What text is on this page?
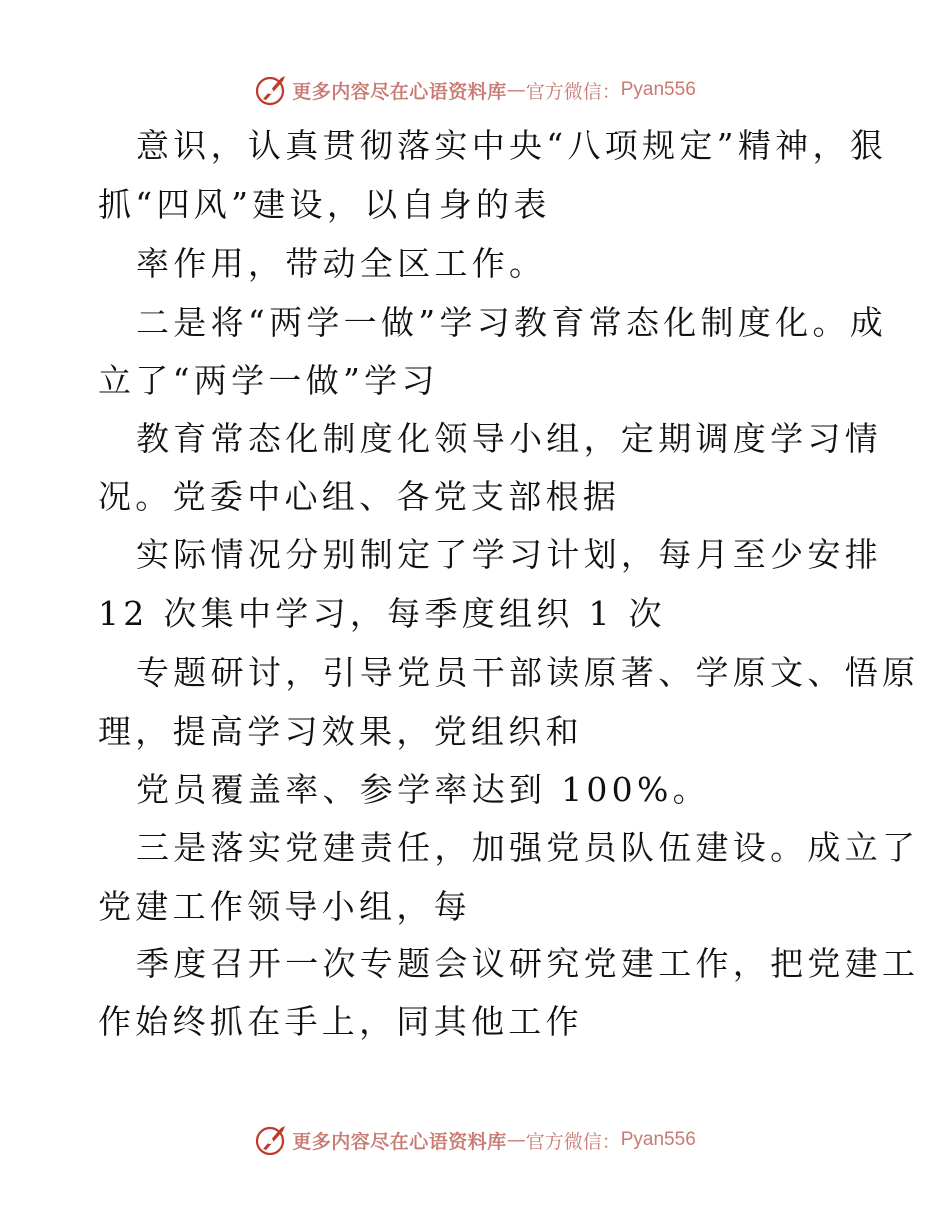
更多内容尽在心语资料库 — 官方微信： Pyan556
意识，认真贯彻落实中央“八项规定”精神，狠
抓“四风”建设，以自身的表
率作用，带动全区工作。
二是将“两学一做”学习教育常态化制度化。成
立了“两学一做”学习
教育常态化制度化领导小组，定期调度学习情
况。党委中心组、各党支部根据
实际情况分别制定了学习计划，每月至少安排
12 次集中学习，每季度组织 1 次
专题研讨，引导党员干部读原著、学原文、悟原
理，提高学习效果，党组织和
党员覆盖率、参学率达到 100%。
三是落实党建责任，加强党员队伍建设。成立了
党建工作领导小组，每
季度召开一次专题会议研究党建工作，把党建工
作始终抓在手上，同其他工作
更多内容尽在心语资料库 — 官方微信： Pyan556
